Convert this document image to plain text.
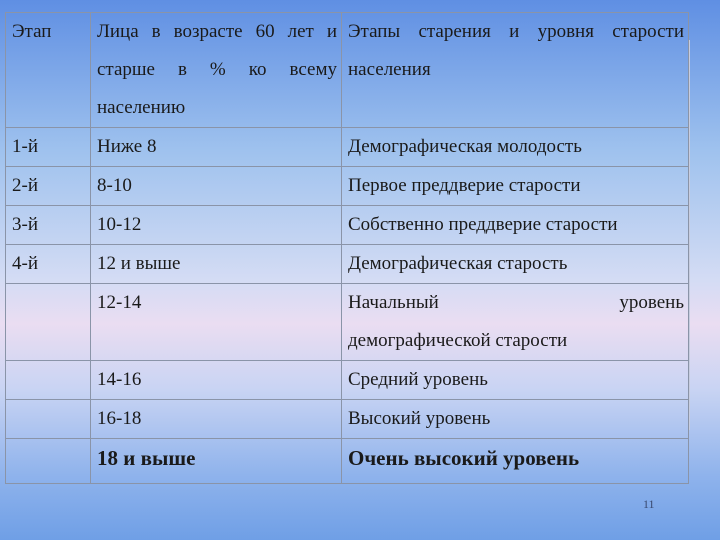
Этап	Лица в возрасте 60 лет и старше в % ко всему населению	Этапы старения и уровня старости населения
1-й	Ниже 8	Демографическая молодость
2-й	8-10	Первое преддверие старости
3-й	10-12	Собственно преддверие старости
4-й	12 и выше	Демографическая старость
	12-14	Начальный уровень
демографической старости

	14-16	Средний уровень
	16-18	Высокий уровень
	18 и выше	Очень высокий уровень
11
